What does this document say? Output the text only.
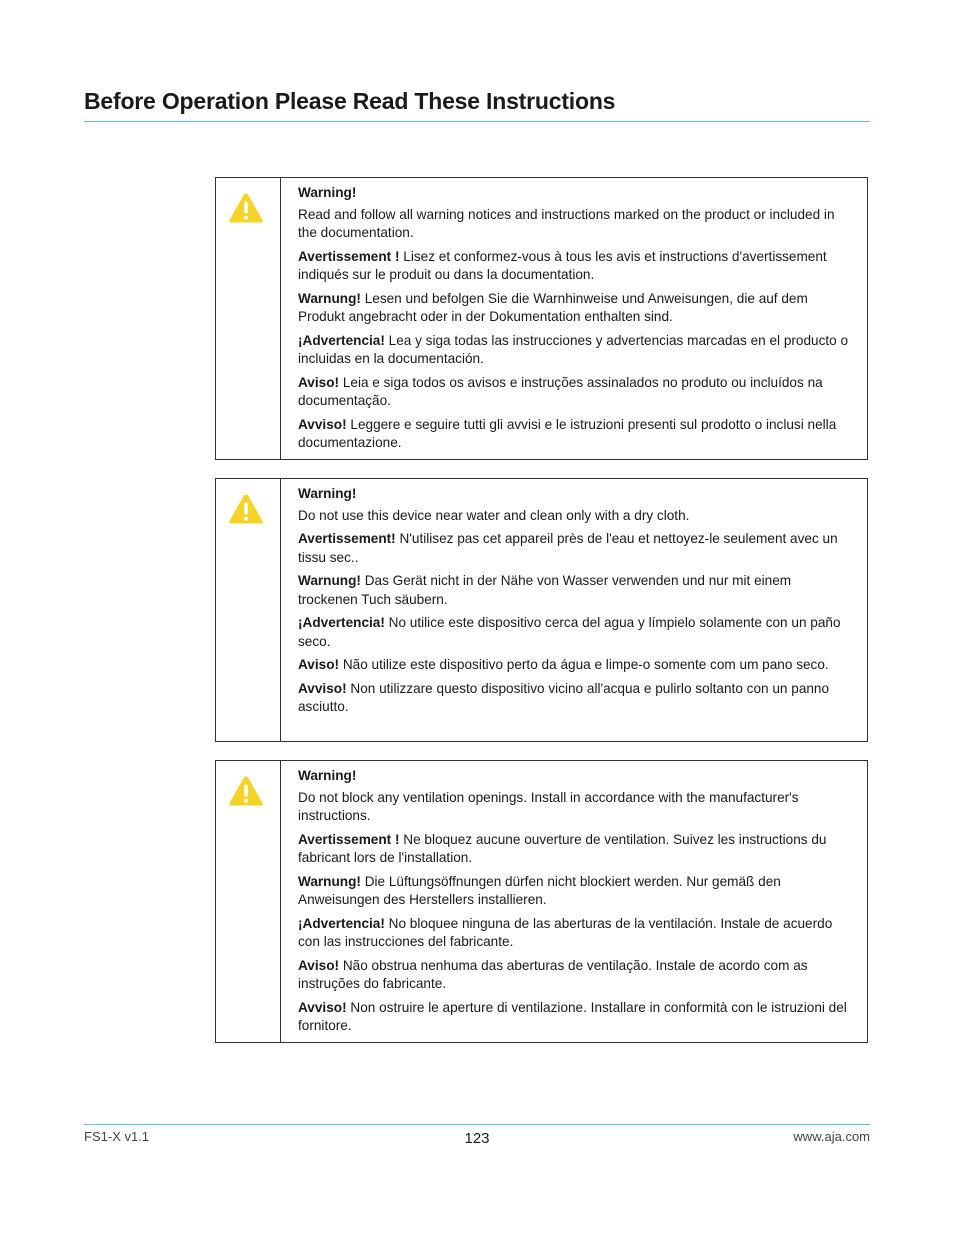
Before Operation Please Read These Instructions

Warning!

Read and follow all warning notices and instructions marked on the product or included in the documentation.

Avertissement ! Lisez et conformez-vous à tous les avis et instructions d'avertissement indiqués sur le produit ou dans la documentation.

Warnung! Lesen und befolgen Sie die Warnhinweise und Anweisungen, die auf dem Produkt angebracht oder in der Dokumentation enthalten sind.

¡Advertencia! Lea y siga todas las instrucciones y advertencias marcadas en el producto o incluidas en la documentación.

Aviso! Leia e siga todos os avisos e instruções assinalados no produto ou incluídos na documentação.

Avviso! Leggere e seguire tutti gli avvisi e le istruzioni presenti sul prodotto o inclusi nella documentazione.

Warning!

Do not use this device near water and clean only with a dry cloth.

Avertissement! N'utilisez pas cet appareil près de l'eau et nettoyez-le seulement avec un tissu sec..

Warnung! Das Gerät nicht in der Nähe von Wasser verwenden und nur mit einem trockenen Tuch säubern.

¡Advertencia! No utilice este dispositivo cerca del agua y límpielo solamente con un paño seco.

Aviso! Não utilize este dispositivo perto da água e limpe-o somente com um pano seco.

Avviso! Non utilizzare questo dispositivo vicino all'acqua e pulirlo soltanto con un panno asciutto.

Warning!

Do not block any ventilation openings. Install in accordance with the manufacturer's instructions.

Avertissement ! Ne bloquez aucune ouverture de ventilation. Suivez les instructions du fabricant lors de l'installation.

Warnung! Die Lüftungsöffnungen dürfen nicht blockiert werden. Nur gemäß den Anweisungen des Herstellers installieren.

¡Advertencia! No bloquee ninguna de las aberturas de la ventilación. Instale de acuerdo con las instrucciones del fabricante.

Aviso! Não obstrua nenhuma das aberturas de ventilação. Instale de acordo com as instruções do fabricante.

Avviso! Non ostruire le aperture di ventilazione. Installare in conformità con le istruzioni del fornitore.

FS1-X v1.1	123	www.aja.com
